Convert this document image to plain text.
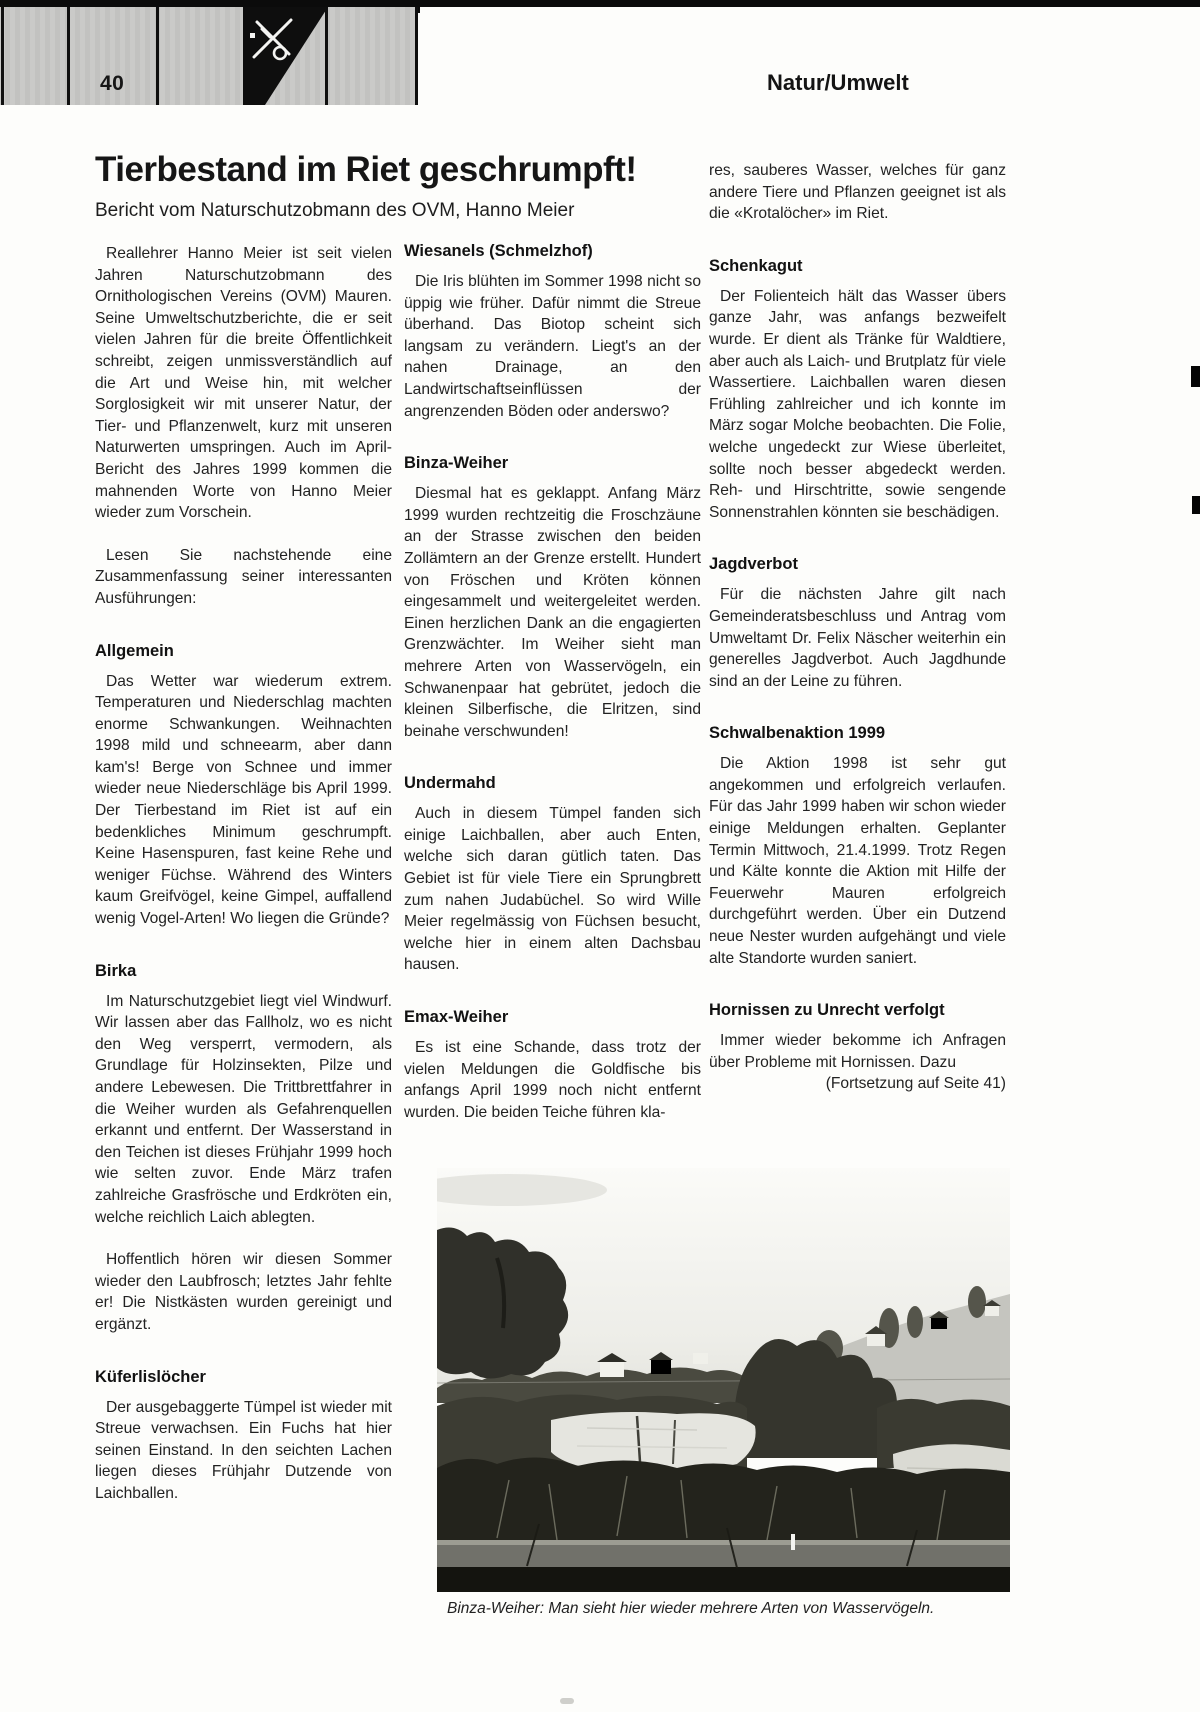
40	Natur/Umwelt
Tierbestand im Riet geschrumpft!
Bericht vom Naturschutzobmann des OVM, Hanno Meier

Reallehrer Hanno Meier ist seit vielen Jahren Naturschutzobmann des Ornithologischen Vereins (OVM) Mauren. Seine Umweltschutzberichte, die er seit vielen Jahren für die breite Öffentlichkeit schreibt, zeigen unmissverständlich auf die Art und Weise hin, mit welcher Sorglosigkeit wir mit unserer Natur, der Tier- und Pflanzenwelt, kurz mit unseren Naturwerten umspringen. Auch im April-Bericht des Jahres 1999 kommen die mahnenden Worte von Hanno Meier wieder zum Vorschein.

Lesen Sie nachstehende eine Zusammenfassung seiner interessanten Ausführungen:

Allgemein

Das Wetter war wiederum extrem. Temperaturen und Niederschlag machten enorme Schwankungen. Weihnachten 1998 mild und schneearm, aber dann kam's! Berge von Schnee und immer wieder neue Niederschläge bis April 1999. Der Tierbestand im Riet ist auf ein bedenkliches Minimum geschrumpft. Keine Hasenspuren, fast keine Rehe und weniger Füchse. Während des Winters kaum Greifvögel, keine Gimpel, auffallend wenig Vogel-Arten! Wo liegen die Gründe?

Birka

Im Naturschutzgebiet liegt viel Windwurf. Wir lassen aber das Fallholz, wo es nicht den Weg versperrt, vermodern, als Grundlage für Holzinsekten, Pilze und andere Lebewesen. Die Trittbrettfahrer in die Weiher wurden als Gefahrenquellen erkannt und entfernt. Der Wasserstand in den Teichen ist dieses Frühjahr 1999 hoch wie selten zuvor. Ende März trafen zahlreiche Grasfrösche und Erdkröten ein, welche reichlich Laich ablegten.

Hoffentlich hören wir diesen Sommer wieder den Laubfrosch; letztes Jahr fehlte er! Die Nistkästen wurden gereinigt und ergänzt.

Küferlislöcher

Der ausgebaggerte Tümpel ist wieder mit Streue verwachsen. Ein Fuchs hat hier seinen Einstand. In den seichten Lachen liegen dieses Frühjahr Dutzende von Laichballen.

Wiesanels (Schmelzhof)

Die Iris blühten im Sommer 1998 nicht so üppig wie früher. Dafür nimmt die Streue überhand. Das Biotop scheint sich langsam zu verändern. Liegt's an der nahen Drainage, an den Landwirtschaftseinflüssen der angrenzenden Böden oder anderswo?

Binza-Weiher

Diesmal hat es geklappt. Anfang März 1999 wurden rechtzeitig die Froschzäune an der Strasse zwischen den beiden Zollämtern an der Grenze erstellt. Hundert von Fröschen und Kröten können eingesammelt und weitergeleitet werden. Einen herzlichen Dank an die engagierten Grenzwächter. Im Weiher sieht man mehrere Arten von Wasservögeln, ein Schwanenpaar hat gebrütet, jedoch die kleinen Silberfische, die Elritzen, sind beinahe verschwunden!

Undermahd

Auch in diesem Tümpel fanden sich einige Laichballen, aber auch Enten, welche sich daran gütlich taten. Das Gebiet ist für viele Tiere ein Sprungbrett zum nahen Judabüchel. So wird Wille Meier regelmässig von Füchsen besucht, welche hier in einem alten Dachsbau hausen.

Emax-Weiher

Es ist eine Schande, dass trotz der vielen Meldungen die Goldfische bis anfangs April 1999 noch nicht entfernt wurden. Die beiden Teiche führen kla-

res, sauberes Wasser, welches für ganz andere Tiere und Pflanzen geeignet ist als die «Krotalöcher» im Riet.

Schenkagut

Der Folienteich hält das Wasser übers ganze Jahr, was anfangs bezweifelt wurde. Er dient als Tränke für Waldtiere, aber auch als Laich- und Brutplatz für viele Wassertiere. Laichballen waren diesen Frühling zahlreicher und ich konnte im März sogar Molche beobachten. Die Folie, welche ungedeckt zur Wiese überleitet, sollte noch besser abgedeckt werden. Reh- und Hirschtritte, sowie sengende Sonnenstrahlen könnten sie beschädigen.

Jagdverbot

Für die nächsten Jahre gilt nach Gemeinderatsbeschluss und Antrag vom Umweltamt Dr. Felix Näscher weiterhin ein generelles Jagdverbot. Auch Jagdhunde sind an der Leine zu führen.

Schwalbenaktion 1999

Die Aktion 1998 ist sehr gut angekommen und erfolgreich verlaufen. Für das Jahr 1999 haben wir schon wieder einige Meldungen erhalten. Geplanter Termin Mittwoch, 21.4.1999. Trotz Regen und Kälte konnte die Aktion mit Hilfe der Feuerwehr Mauren erfolgreich durchgeführt werden. Über ein Dutzend neue Nester wurden aufgehängt und viele alte Standorte wurden saniert.

Hornissen zu Unrecht verfolgt

Immer wieder bekomme ich Anfragen über Probleme mit Hornissen. Dazu

(Fortsetzung auf Seite 41)

Binza-Weiher: Man sieht hier wieder mehrere Arten von Wasservögeln.
